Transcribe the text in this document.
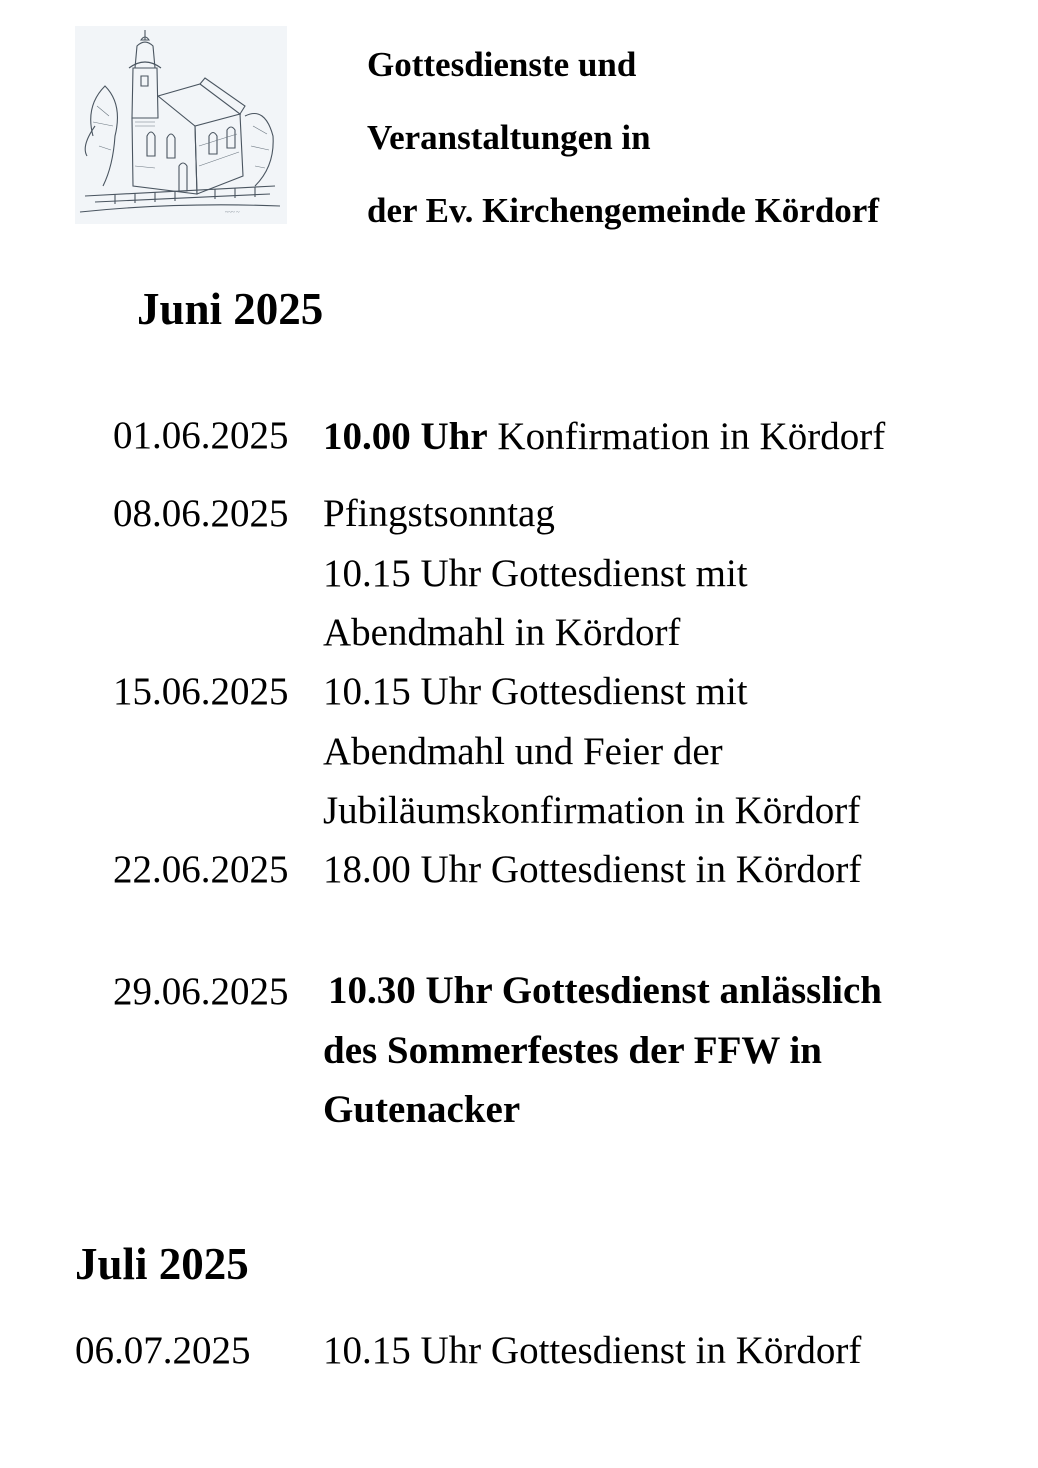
~~~ ~
Gottesdienste und
Veranstaltungen in
der Ev. Kirchengemeinde Kördorf
Juni 2025
01.06.2025 10.00 Uhr Konfirmation in Kördorf
08.06.2025 Pfingstsonntag
10.15 Uhr Gottesdienst mit
Abendmahl in Kördorf
15.06.2025 10.15 Uhr Gottesdienst mit
Abendmahl und Feier der
Jubiläumskonfirmation in Kördorf
22.06.2025 18.00 Uhr Gottesdienst in Kördorf
29.06.2025 10.30 Uhr Gottesdienst anlässlich
des Sommerfestes der FFW in
Gutenacker
Juli 2025
06.07.2025 10.15 Uhr Gottesdienst in Kördorf
